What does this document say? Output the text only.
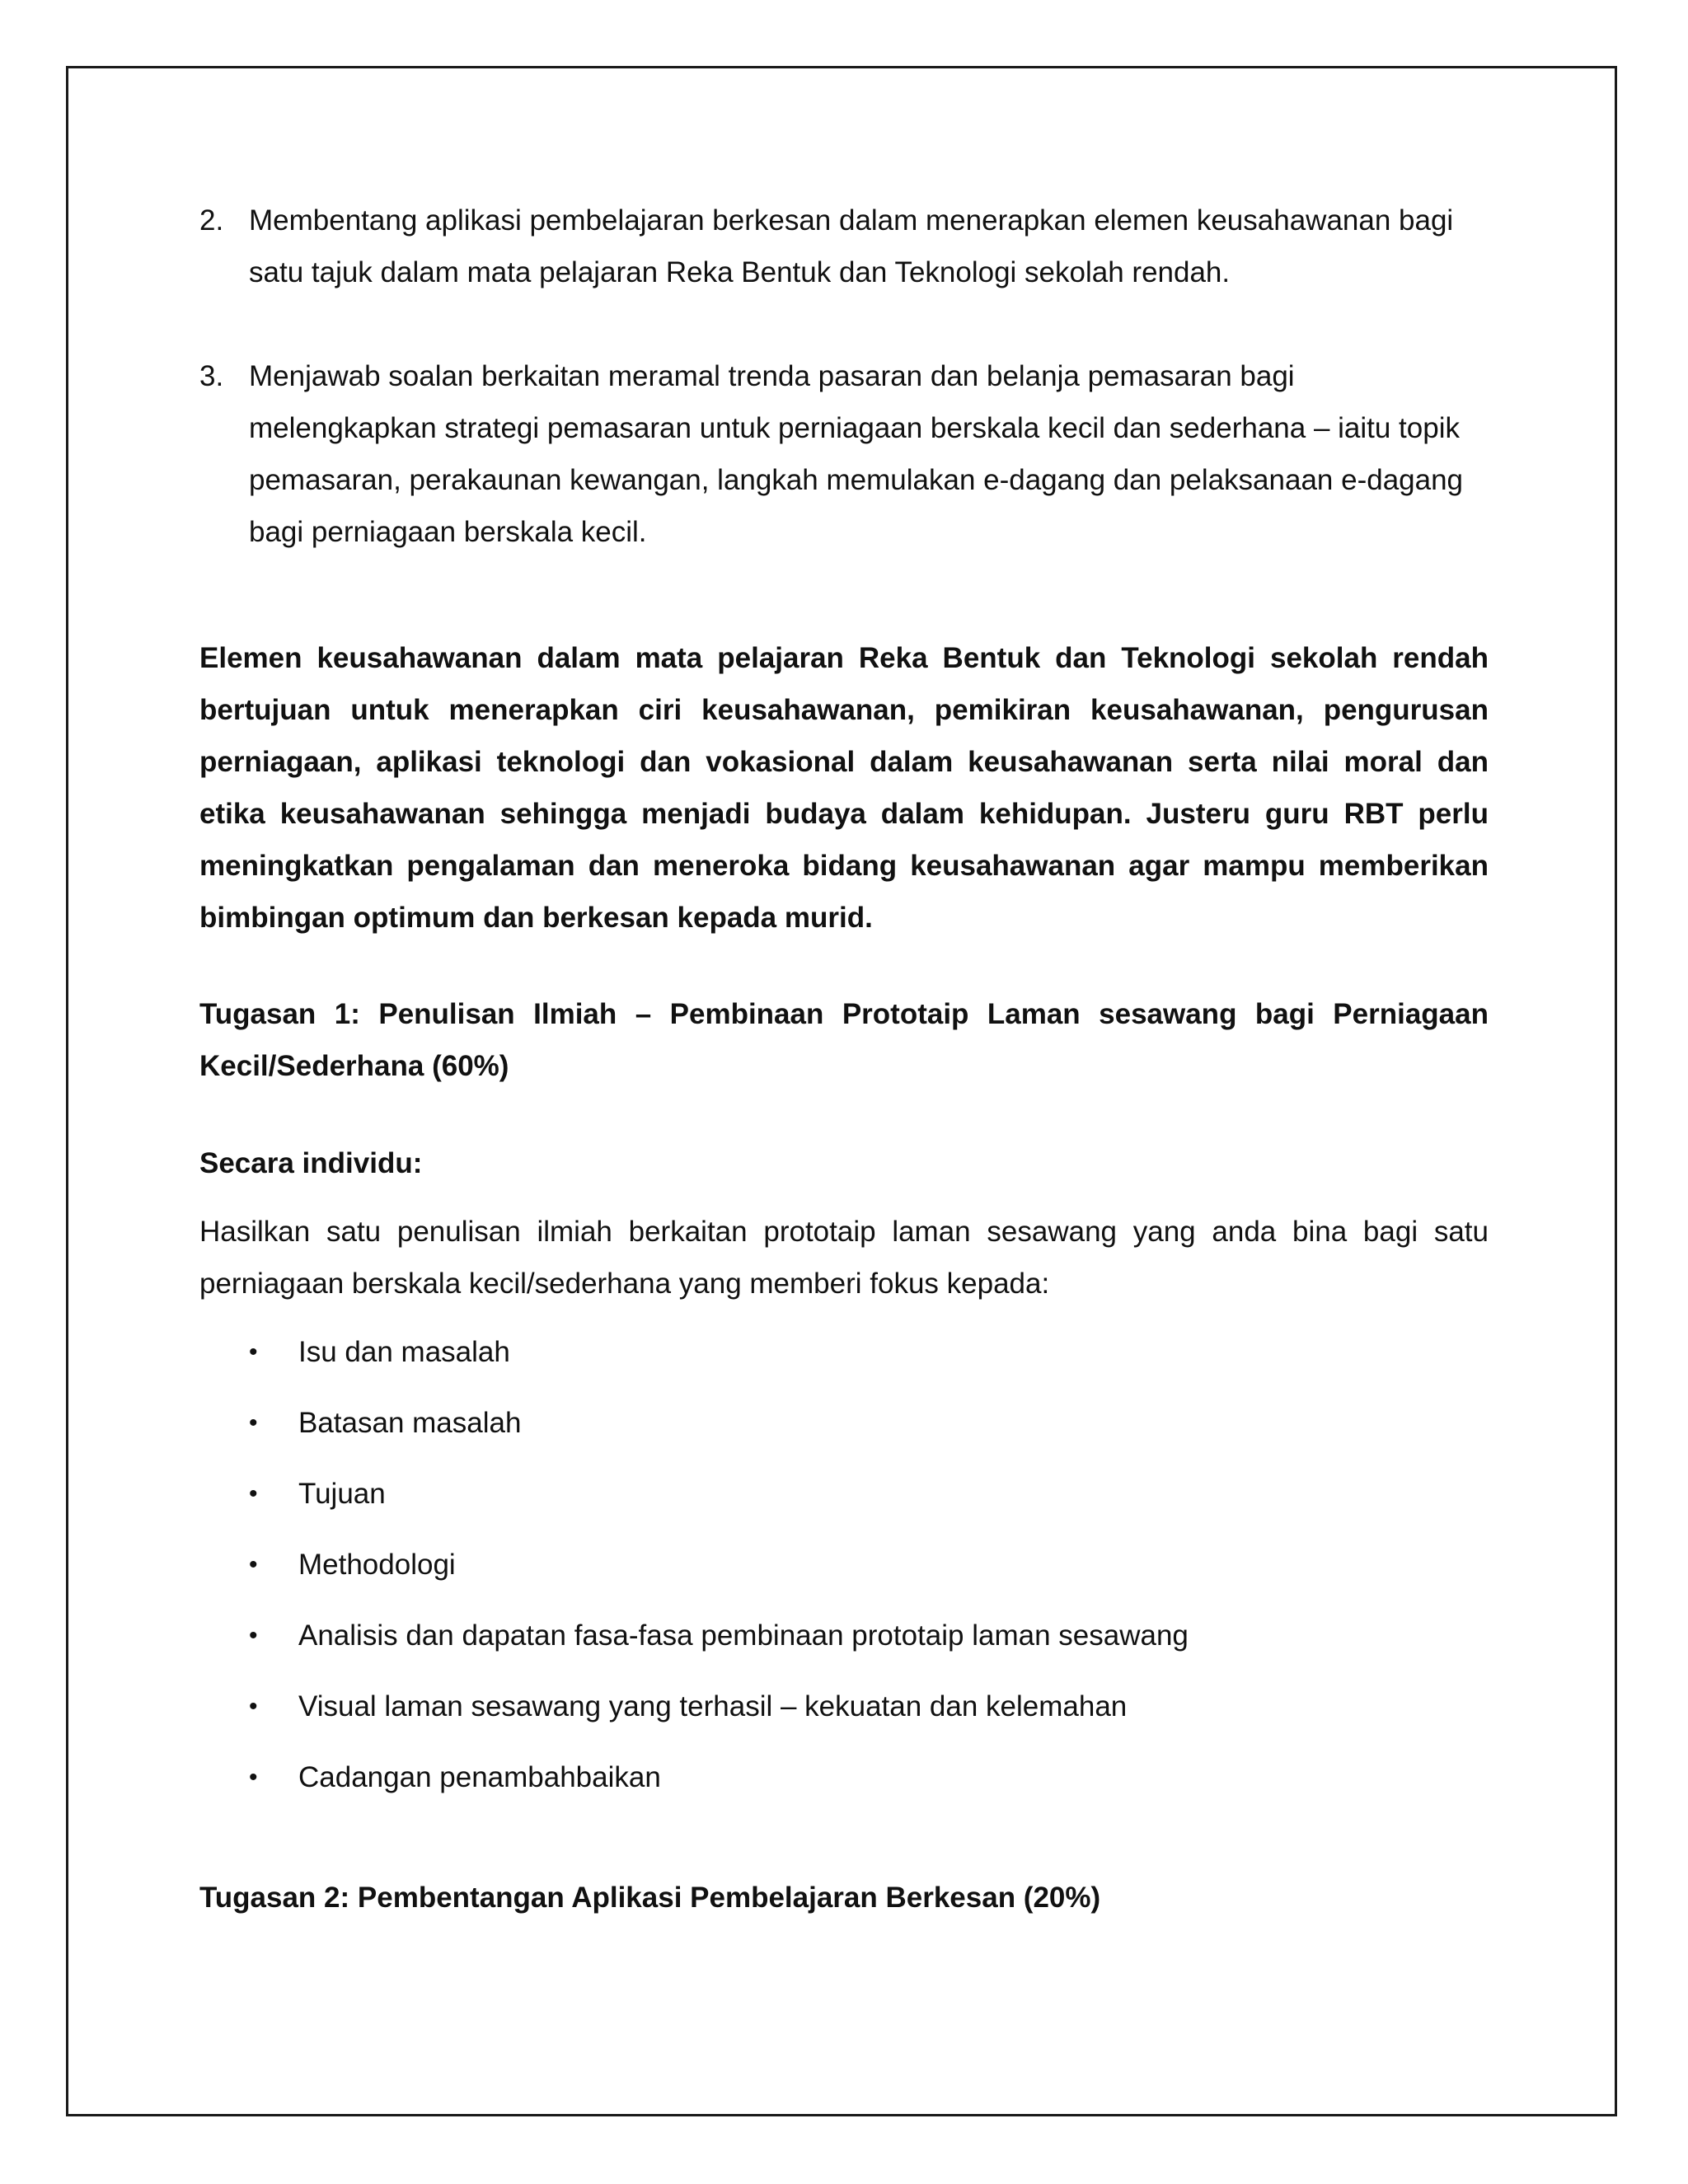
2. Membentang aplikasi pembelajaran berkesan dalam menerapkan elemen keusahawanan bagi satu tajuk dalam mata pelajaran Reka Bentuk dan Teknologi sekolah rendah.
3. Menjawab soalan berkaitan meramal trenda pasaran dan belanja pemasaran bagi melengkapkan strategi pemasaran untuk perniagaan berskala kecil dan sederhana – iaitu topik pemasaran, perakaunan kewangan, langkah memulakan e-dagang dan pelaksanaan e-dagang bagi perniagaan berskala kecil.

Elemen keusahawanan dalam mata pelajaran Reka Bentuk dan Teknologi sekolah rendah bertujuan untuk menerapkan ciri keusahawanan, pemikiran keusahawanan, pengurusan perniagaan, aplikasi teknologi dan vokasional dalam keusahawanan serta nilai moral dan etika keusahawanan sehingga menjadi budaya dalam kehidupan. Justeru guru RBT perlu meningkatkan pengalaman dan meneroka bidang keusahawanan agar mampu memberikan bimbingan optimum dan berkesan kepada murid.

Tugasan 1: Penulisan Ilmiah – Pembinaan Prototaip Laman sesawang bagi Perniagaan Kecil/Sederhana (60%)

Secara individu:

Hasilkan satu penulisan ilmiah berkaitan prototaip laman sesawang yang anda bina bagi satu perniagaan berskala kecil/sederhana yang memberi fokus kepada:

• Isu dan masalah
• Batasan masalah
• Tujuan
• Methodologi
• Analisis dan dapatan fasa-fasa pembinaan prototaip laman sesawang
• Visual laman sesawang yang terhasil – kekuatan dan kelemahan
• Cadangan penambahbaikan

Tugasan 2: Pembentangan Aplikasi Pembelajaran Berkesan (20%)
